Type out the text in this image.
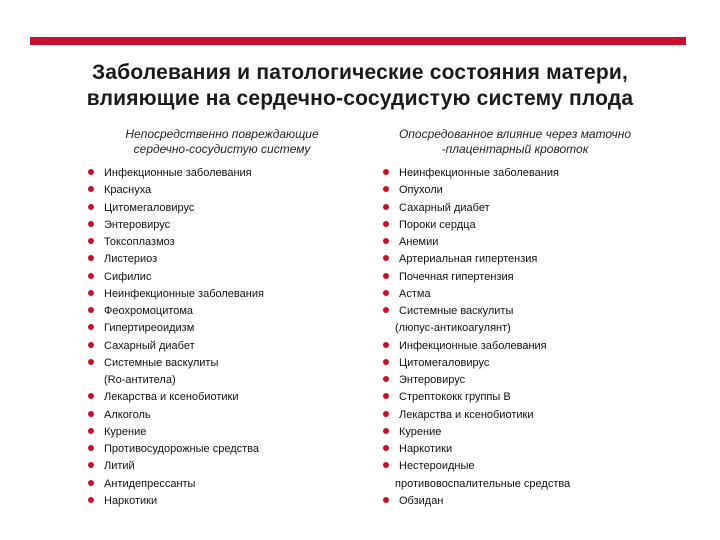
Заболевания и патологические состояния матери,
влияющие на сердечно-сосудистую систему плода
Непосредственно повреждающие
сердечно-сосудистую систему
Инфекционные заболевания
Краснуха
Цитомегаловирус
Энтеровирус
Токсоплазмоз
Листериоз
Сифилис
Неинфекционные заболевания
Феохромоцитома
Гипертиреоидизм
Сахарный диабет
Системные васкулиты
(Ro-антитела)
Лекарства и ксенобиотики
Алкоголь
Курение
Противосудорожные средства
Литий
Антидепрессанты
Наркотики
Опосредованное влияние через маточно
-плацентарный кровоток
Неинфекционные заболевания
Опухоли
Сахарный диабет
Пороки сердца
Анемии
Артериальная гипертензия
Почечная гипертензия
Астма
Системные васкулиты
(люпус-антикоагулянт)
Инфекционные заболевания
Цитомегаловирус
Энтеровирус
Стрептококк группы В
Лекарства и ксенобиотики
Курение
Наркотики
Нестероидные
противовоспалительные средства
Обзидан
